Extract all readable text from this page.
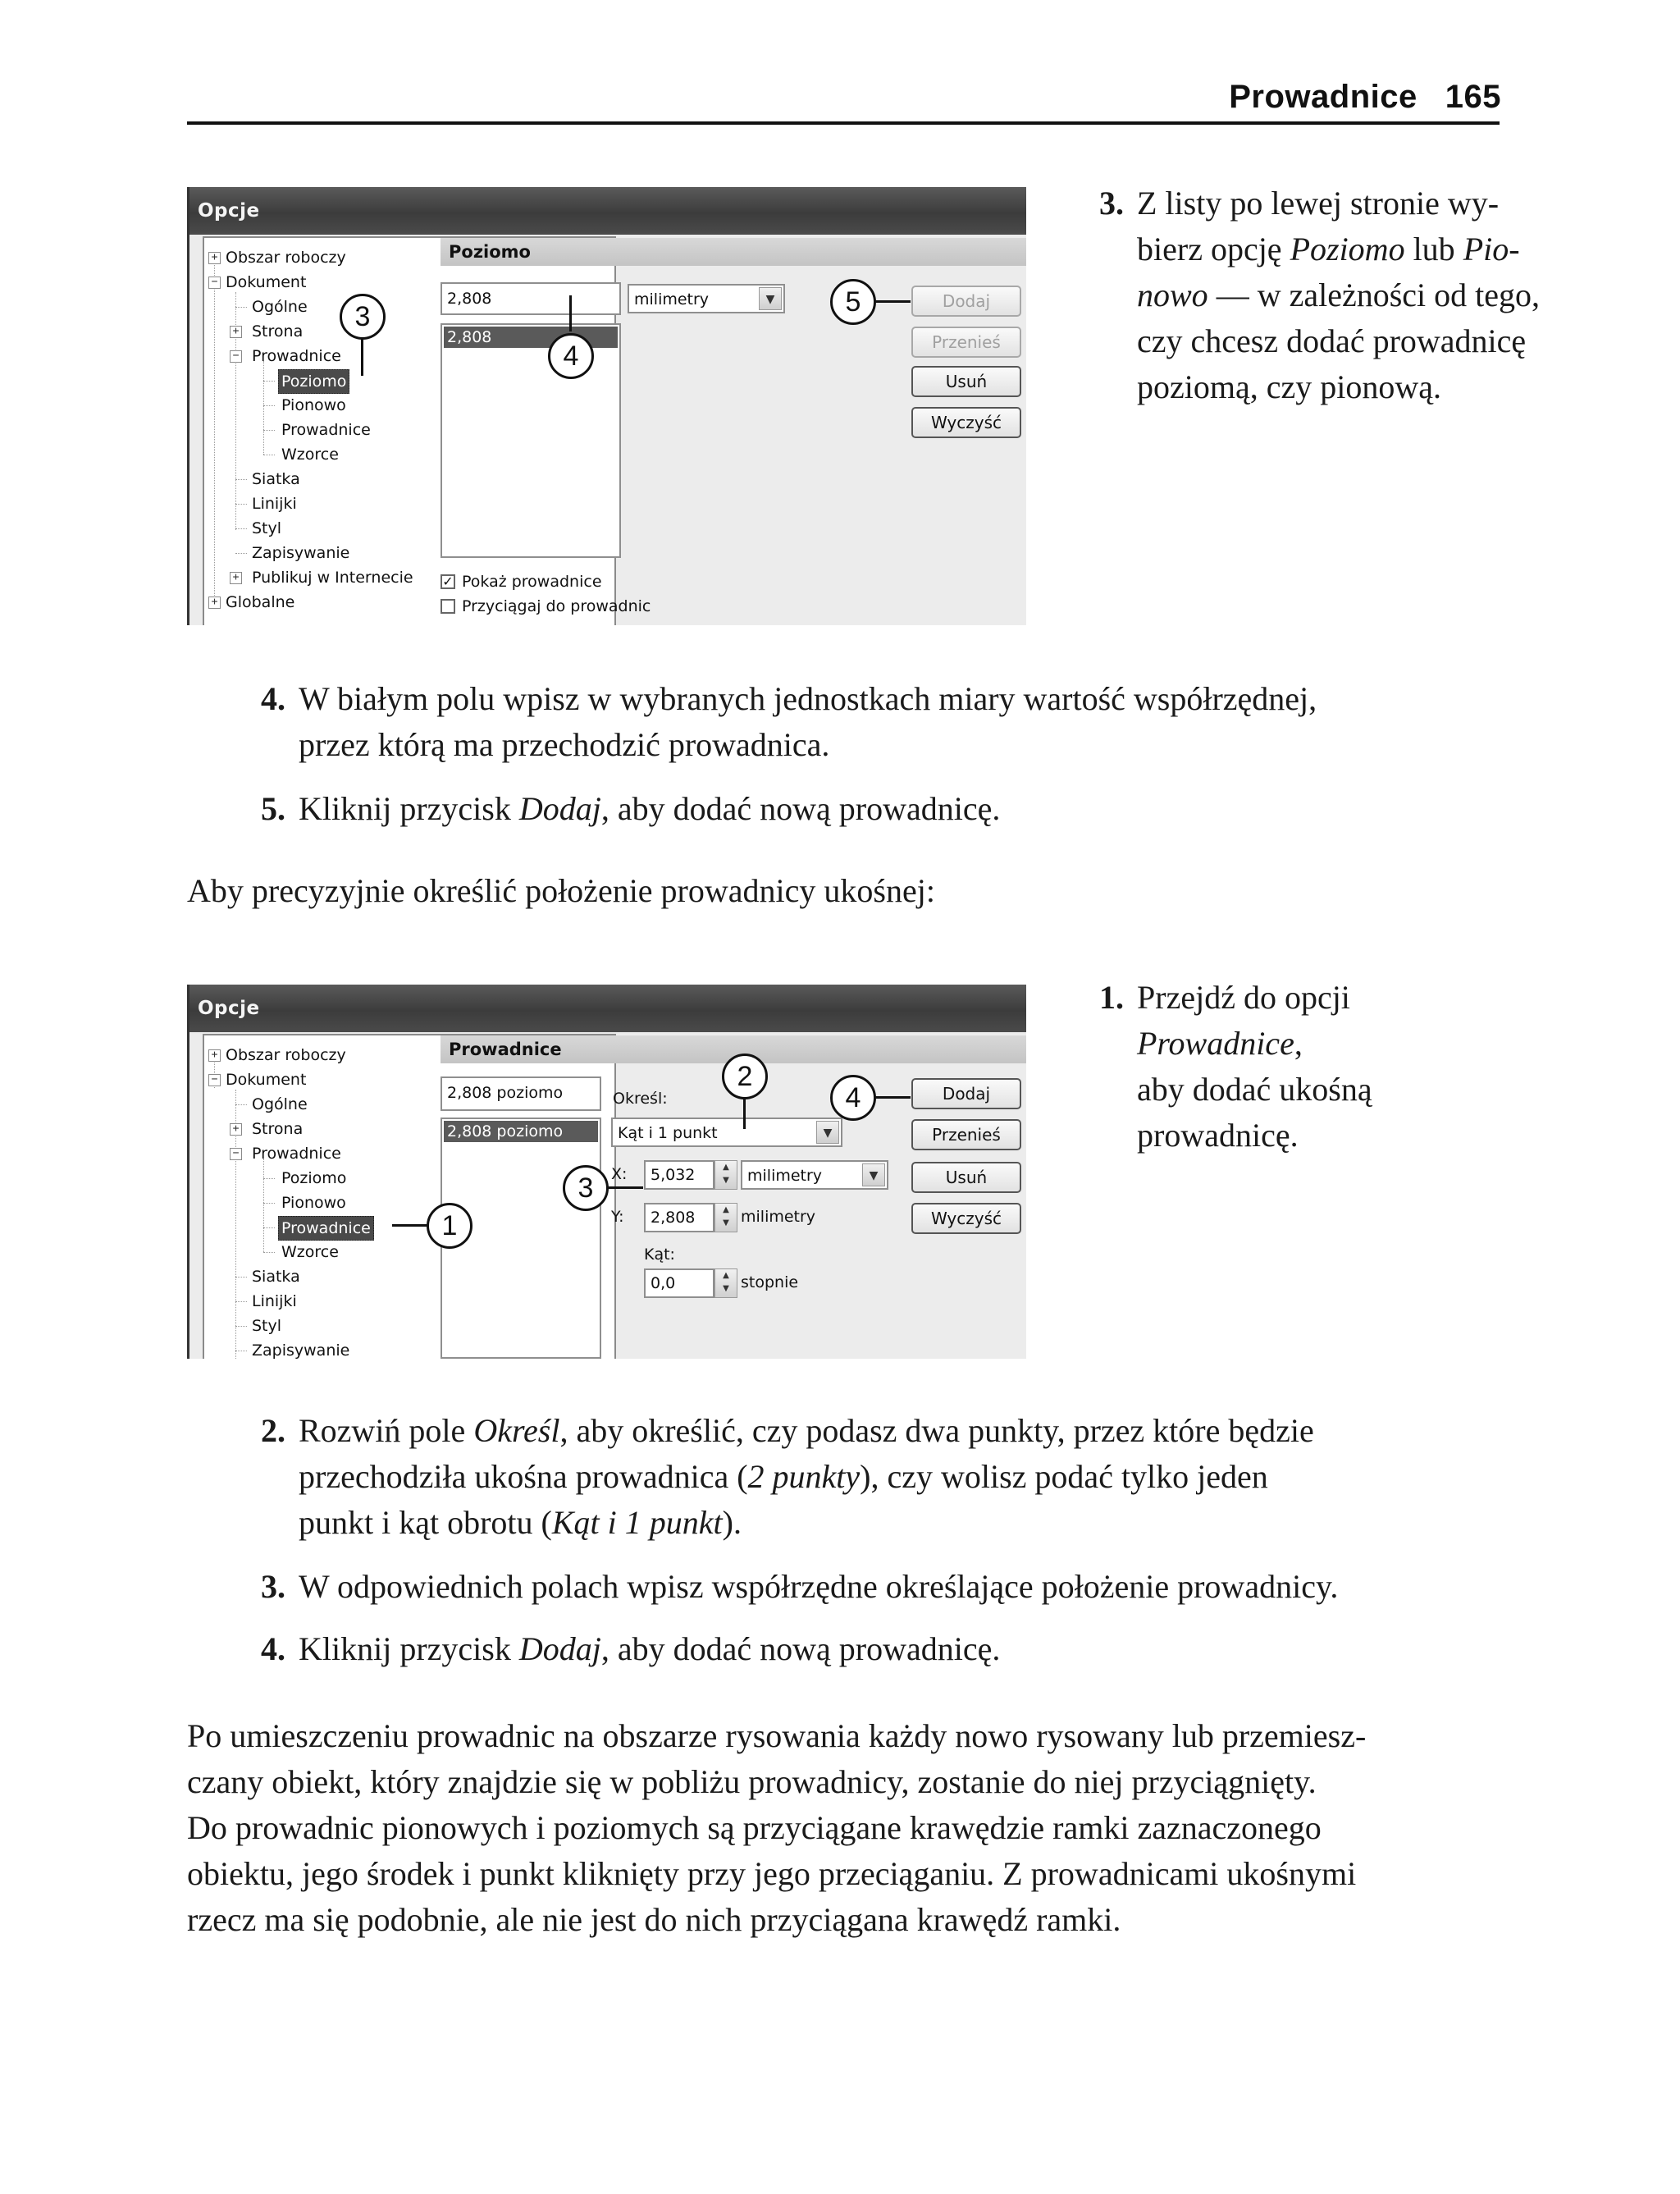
Prowadnice 165
Opcje
+ Obszar roboczy
− Dokument
Ogólne
+ Strona
− Prowadnice
Poziomo
Pionowo
Prowadnice
Wzorce
Siatka
Linijki
Styl
Zapisywanie
+ Publikuj w Internecie
+ Globalne
Poziomo
2,808	milimetry	▼
2,808
Dodaj
Przenieś
Usuń
Wyczyść
✓ Pokaż prowadnice
Przyciągaj do prowadnic
3
4
5
3. Z listy po lewej stronie wy-
bierz opcję Poziomo lub Pio-
nowo — w zależności od tego,
czy chcesz dodać prowadnicę
poziomą, czy pionową.
4. W białym polu wpisz w wybranych jednostkach miary wartość współrzędnej,
przez którą ma przechodzić prowadnica.
5. Kliknij przycisk Dodaj, aby dodać nową prowadnicę.
Aby precyzyjnie określić położenie prowadnicy ukośnej:
Opcje
+ Obszar roboczy
− Dokument
Ogólne
+ Strona
− Prowadnice
Poziomo
Pionowo
Prowadnice
Wzorce
Siatka
Linijki
Styl
Zapisywanie
Prowadnice
2,808 poziomo
2,808 poziomo
Określ:
Kąt i 1 punkt	▼
X:	5,032	▲
▼	milimetry	▼
Y:	2,808	▲
▼ milimetry
Kąt:
0,0	▲
▼ stopnie
Dodaj
Przenieś
Usuń
Wyczyść
1
2
3
4
1. Przejdź do opcji
Prowadnice,
aby dodać ukośną
prowadnicę.
2. Rozwiń pole Określ, aby określić, czy podasz dwa punkty, przez które będzie
przechodziła ukośna prowadnica (2 punkty), czy wolisz podać tylko jeden
punkt i kąt obrotu (Kąt i 1 punkt).
3. W odpowiednich polach wpisz współrzędne określające położenie prowadnicy.
4. Kliknij przycisk Dodaj, aby dodać nową prowadnicę.
Po umieszczeniu prowadnic na obszarze rysowania każdy nowo rysowany lub przemiesz-
czany obiekt, który znajdzie się w pobliżu prowadnicy, zostanie do niej przyciągnięty.
Do prowadnic pionowych i poziomych są przyciągane krawędzie ramki zaznaczonego
obiektu, jego środek i punkt kliknięty przy jego przeciąganiu. Z prowadnicami ukośnymi
rzecz ma się podobnie, ale nie jest do nich przyciągana krawędź ramki.
